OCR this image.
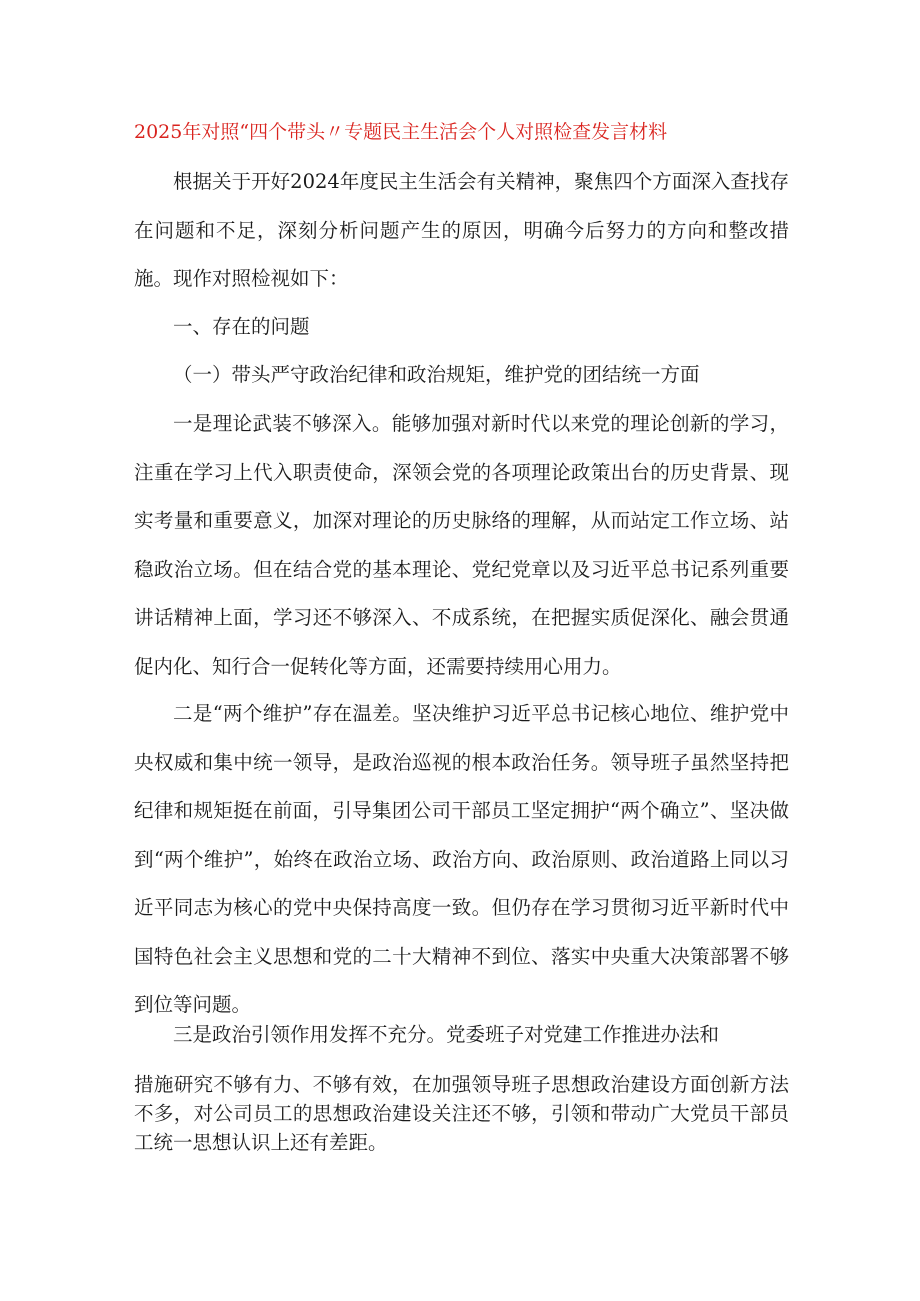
2025年对照“四个带头〃专题民主生活会个人对照检查发言材料

根据关于开好2024年度民主生活会有关精神，聚焦四个方面深入查找存在问题和不足，深刻分析问题产生的原因，明确今后努力的方向和整改措施。现作对照检视如下：

一、存在的问题

（一）带头严守政治纪律和政治规矩，维护党的团结统一方面

一是理论武装不够深入。能够加强对新时代以来党的理论创新的学习，注重在学习上代入职责使命，深领会党的各项理论政策出台的历史背景、现实考量和重要意义，加深对理论的历史脉络的理解，从而站定工作立场、站稳政治立场。但在结合党的基本理论、党纪党章以及习近平总书记系列重要讲话精神上面，学习还不够深入、不成系统，在把握实质促深化、融会贯通促内化、知行合一促转化等方面，还需要持续用心用力。

二是“两个维护”存在温差。坚决维护习近平总书记核心地位、维护党中央权威和集中统一领导，是政治巡视的根本政治任务。领导班子虽然坚持把纪律和规矩挺在前面，引导集团公司干部员工坚定拥护“两个确立”、坚决做到“两个维护”，始终在政治立场、政治方向、政治原则、政治道路上同以习近平同志为核心的党中央保持高度一致。但仍存在学习贯彻习近平新时代中国特色社会主义思想和党的二十大精神不到位、落实中央重大决策部署不够到位等问题。

三是政治引领作用发挥不充分。党委班子对党建工作推进办法和

措施研究不够有力、不够有效，在加强领导班子思想政治建设方面创新方法不多，对公司员工的思想政治建设关注还不够，引领和带动广大党员干部员工统一思想认识上还有差距。
